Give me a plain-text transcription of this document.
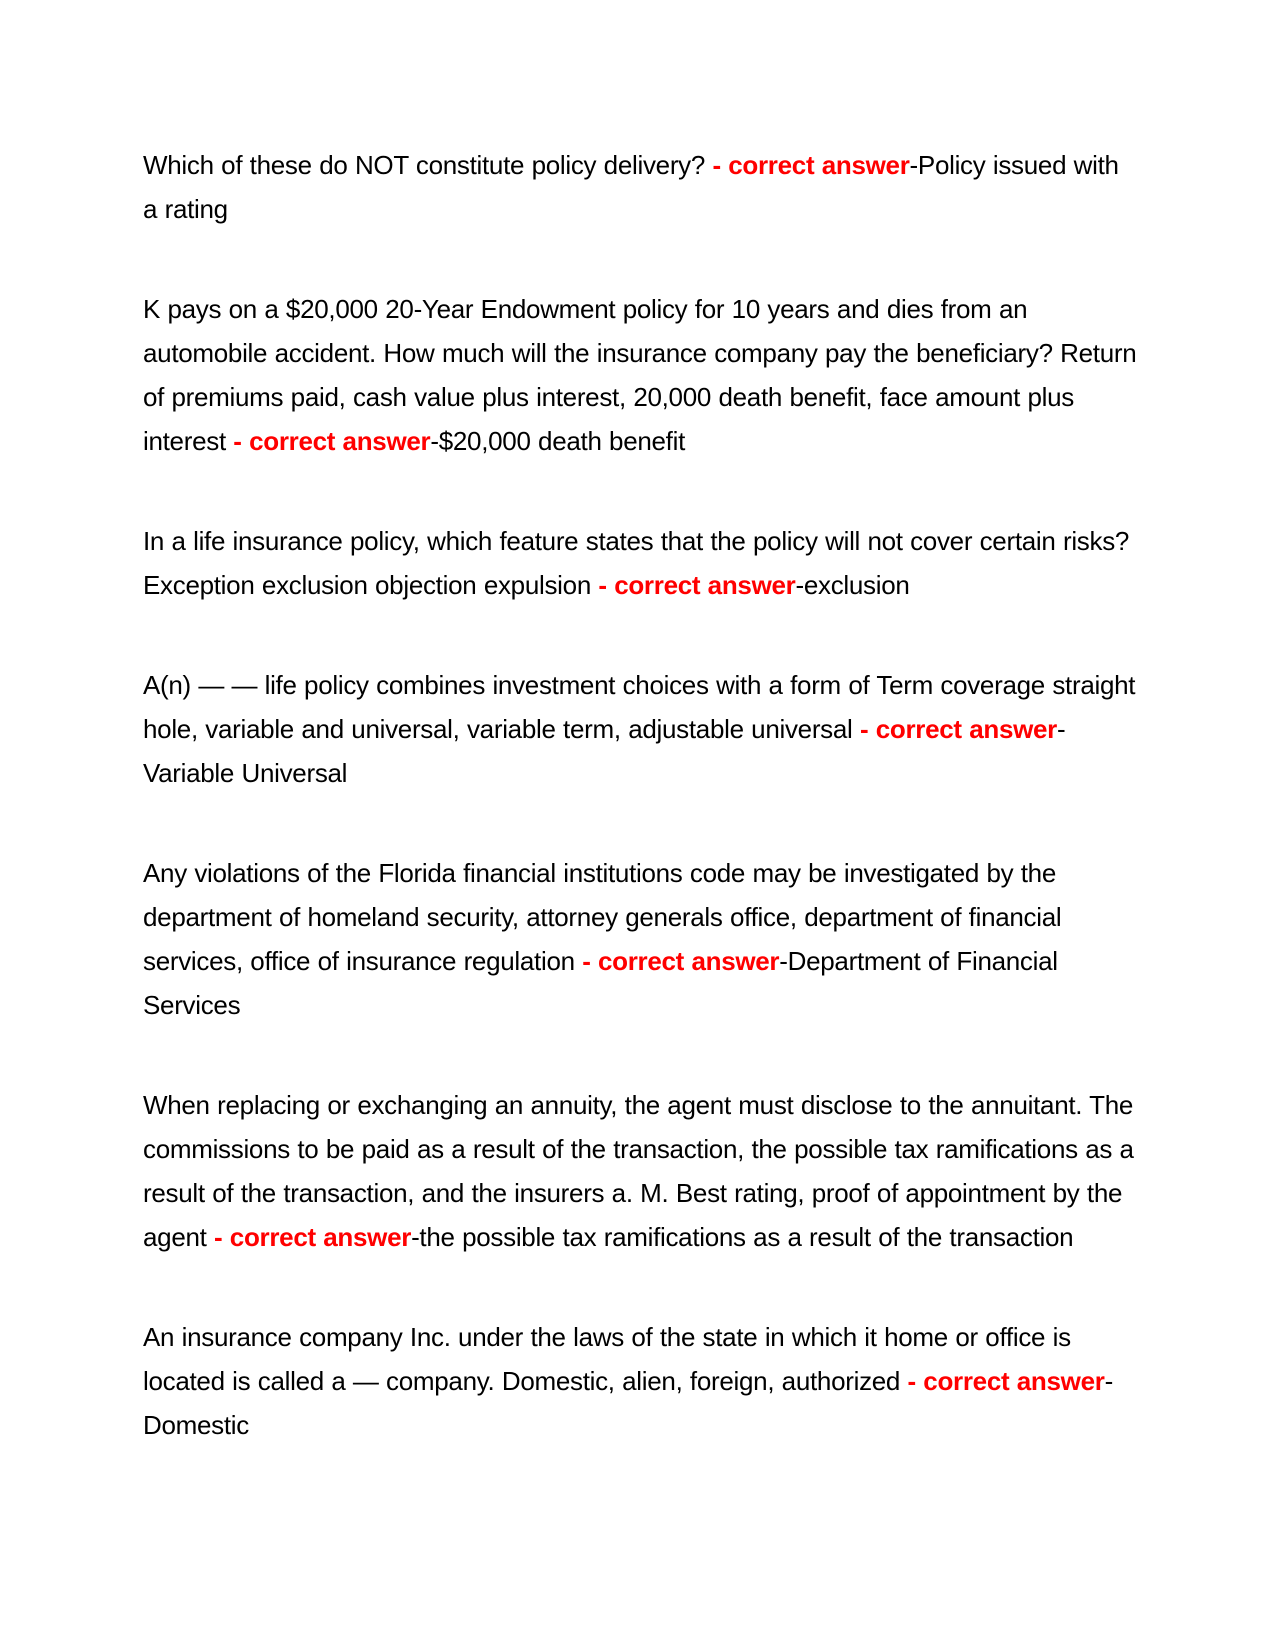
Which of these do NOT constitute policy delivery? - correct answer-Policy issued with a rating

K pays on a $20,000 20-Year Endowment policy for 10 years and dies from an automobile accident. How much will the insurance company pay the beneficiary? Return of premiums paid, cash value plus interest, 20,000 death benefit, face amount plus interest - correct answer-$20,000 death benefit

In a life insurance policy, which feature states that the policy will not cover certain risks? Exception exclusion objection expulsion - correct answer-exclusion

A(n) — — life policy combines investment choices with a form of Term coverage straight hole, variable and universal, variable term, adjustable universal - correct answer-Variable Universal

Any violations of the Florida financial institutions code may be investigated by the department of homeland security, attorney generals office, department of financial services, office of insurance regulation - correct answer-Department of Financial Services

When replacing or exchanging an annuity, the agent must disclose to the annuitant. The commissions to be paid as a result of the transaction, the possible tax ramifications as a result of the transaction, and the insurers a. M. Best rating, proof of appointment by the agent - correct answer-the possible tax ramifications as a result of the transaction

An insurance company Inc. under the laws of the state in which it home or office is located is called a — company. Domestic, alien, foreign, authorized - correct answer-Domestic
